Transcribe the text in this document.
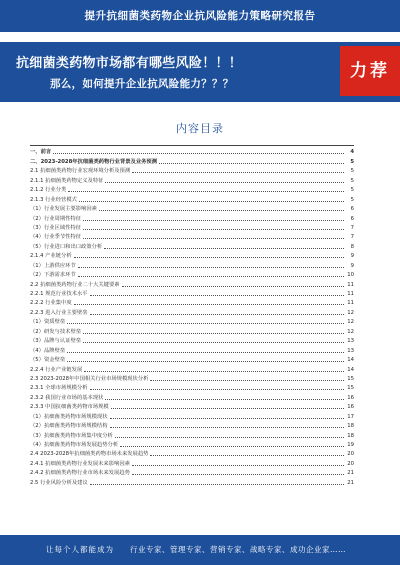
提升抗细菌类药物企业抗风险能力策略研究报告
抗细菌类药物市场都有哪些风险！！！
那么，如何提升企业抗风险能力？？？
力荐
内容目录
一、前言	4
二、2023-2028年抗细菌类药物行业背景及业务预测	5
2.1 抗细菌类药物行业宏观环境分析及预测	5
2.1.1 抗细菌类药物定义及特征	5
2.1.2 行业分类	5
2.1.3 行业经营模式	5
（1）行业发展主要影响因素	6
（2）行业周期性特征	6
（3）行业区域性特征	7
（4）行业季节性特征	7
（5）行业进口和出口政策分析	8
2.1.4 产业链分析	9
（1）上游供应环节	9
（2）下游需求环节	10
2.2 抗细菌类药物行业二十大关键要素	11
2.2.1 规范行业技术水平	11
2.2.2 行业集中度	11
2.2.3 进入行业主要壁垒	12
（1）资质壁垒	12
（2）研发与技术壁垒	12
（3）品牌与认证壁垒	13
（4）品牌壁垒	13
（5）资金壁垒	14
2.2.4 行业产业链发展	14
2.3 2023-2028年中国相关行业市场规模现状分析	15
2.3.1 全球市场规模分析	15
2.3.2 我国行业市场的基本现状	16
2.3.3 中国抗细菌类药物市场规模	16
（1）抗细菌类药物市场规模现状	17
（2）抗细菌类药物市场规模结构	18
（3）抗细菌类药物市场集中度分析	18
（4）抗细菌类药物市场发展趋势分析	19
2.4 2023-2028年抗细菌类药物市场未来发展趋势	20
2.4.1 抗细菌类药物行业发展未来影响因素	20
2.4.2 抗细菌类药物行业市场未来发展趋势	21
2.5 行业风险分析及建议	21
让每个人都能成为 行业专家、管理专家、营销专家、战略专家、成功企业家……
